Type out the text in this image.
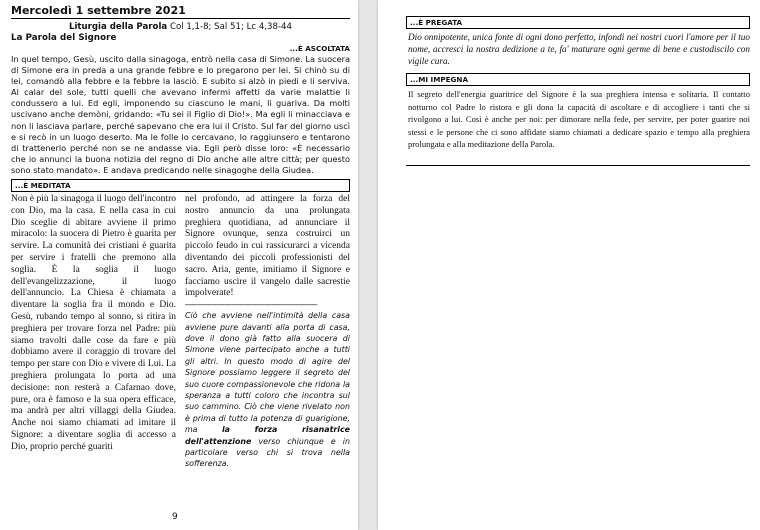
Mercoledì 1 settembre 2021
Liturgia della Parola Col 1,1-8; Sal 51; Lc 4,38-44
La Parola del Signore
...È ASCOLTATA

In quel tempo, Gesù, uscito dalla sinagoga, entrò nella casa di Simone. La suocera di Simone era in preda a una grande febbre e lo pregarono per lei. Si chinò su di lei, comandò alla febbre e la febbre la lasciò. E subito si alzò in piedi e li serviva. Al calar del sole, tutti quelli che avevano infermi affetti da varie malattie li condussero a lui. Ed egli, imponendo su ciascuno le mani, li guariva. Da molti uscivano anche demòni, gridando: «Tu sei il Figlio di Dio!». Ma egli li minacciava e non li lasciava parlare, perché sapevano che era lui il Cristo. Sul far del giorno uscì e si recò in un luogo deserto. Ma le folle lo cercavano, lo raggiunsero e tentarono di trattenerlo perché non se ne andasse via. Egli però disse loro: «È necessario che io annunci la buona notizia del regno di Dio anche alle altre città; per questo sono stato mandato». E andava predicando nelle sinagoghe della Giudea.

...È MEDITATA

Non è più la sinagoga il luogo dell'incontro con Dio, ma la casa. E nella casa in cui Dio sceglie di abitare avviene il primo miracolo: la suocera di Pietro è guarita per servire. La comunità dei cristiani è guarita per servire i fratelli che premono alla soglia. È la soglia il luogo dell'evangelizzazione, il luogo dell'annuncio. La Chiesa è chiamata a diventare la soglia fra il mondo e Dio. Gesù, rubando tempo al sonno, si ritira in preghiera per trovare forza nel Padre: più siamo travolti dalle cose da fare e più dobbiamo avere il coraggio di trovare del tempo per stare con Dio e vivere di Lui. La preghiera prolungata lo porta ad una decisione: non resterà a Cafarnao dove, pure, ora è famoso e la sua opera efficace, ma andrà per altri villaggi della Giudea. Anche noi siamo chiamati ad imitare il Signore: a diventare soglia di accesso a Dio, proprio perché guariti

nel profondo, ad attingere la forza del nostro annuncio da una prolungata preghiera quotidiana, ad annunciare il Signore ovunque, senza costruirci un piccolo feudo in cui rassicurarci a vicenda diventando dei piccoli professionisti del sacro. Aria, gente, imitiamo il Signore e facciamo uscire il vangelo dalle sacrestie impolverate!

-------------------------------------------------------------

Ciò che avviene nell'intimità della casa avviene pure davanti alla porta di casa, dove il dono già fatto alla suocera di Simone viene partecipato anche a tutti gli altri. In questo modo di agire del Signore possiamo leggere il segreto del suo cuore compassionevole che ridona la speranza a tutti coloro che incontra sul suo cammino. Ciò che viene rivelato non è prima di tutto la potenza di guarigione, ma la forza risanatrice dell'attenzione verso chiunque e in particolare verso chi si trova nella sofferenza.

9
...È PREGATA

Dio onnipotente, unica fonte di ogni dono perfetto, infondi nei nostri cuori l'amore per il tuo nome, accresci la nostra dedizione a te, fa' maturare ogni germe di bene e custodiscilo con vigile cura.

...MI IMPEGNA

Il segreto dell'energia guaritrice del Signore è la sua preghiera intensa e solitaria. Il contatto notturno col Padre lo ristora e gli dona la capacità di ascoltare e di accogliere i tanti che si rivolgono a lui. Così è anche per noi: per dimorare nella fede, per servire, per poter guarire noi stessi e le persone che ci sono affidate siamo chiamati a dedicare spazio e tempo alla preghiera prolungata e alla meditazione della Parola.
